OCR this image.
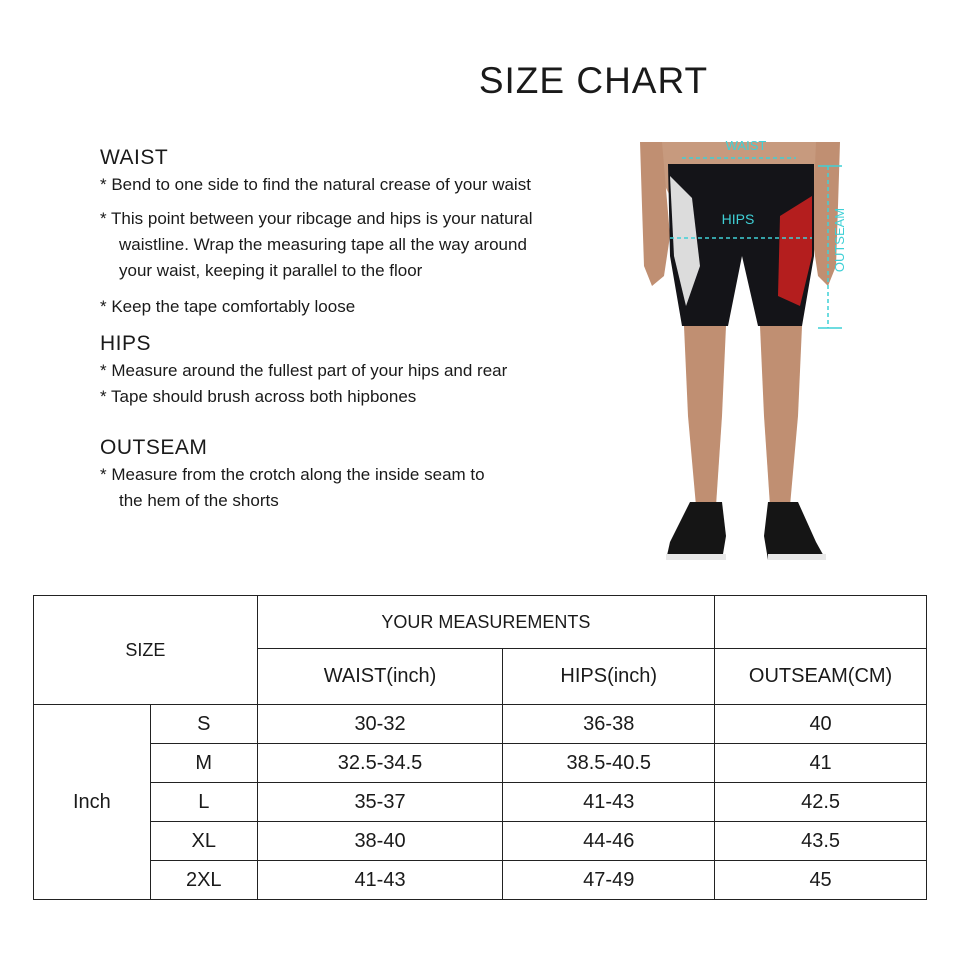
SIZE CHART
WAIST

* Bend to one side to find the natural crease of your waist

* This point between your ribcage and hips is your natural

waistline. Wrap the measuring tape all the way around

your waist, keeping it parallel to the floor

* Keep the tape comfortably loose

HIPS

* Measure around the fullest part of your hips and rear

* Tape should brush across both hipbones

OUTSEAM

* Measure from the crotch along the inside seam to

the hem of the shorts

WAIST
HIPS	OUTSEAM
SIZE		YOUR MEASUREMENTS		
		WAIST(inch)	HIPS(inch)	OUTSEAM(CM)
Inch	S	30-32	36-38	40
	M	32.5-34.5	38.5-40.5	41
	L	35-37	41-43	42.5
	XL	38-40	44-46	43.5
	2XL	41-43	47-49	45
